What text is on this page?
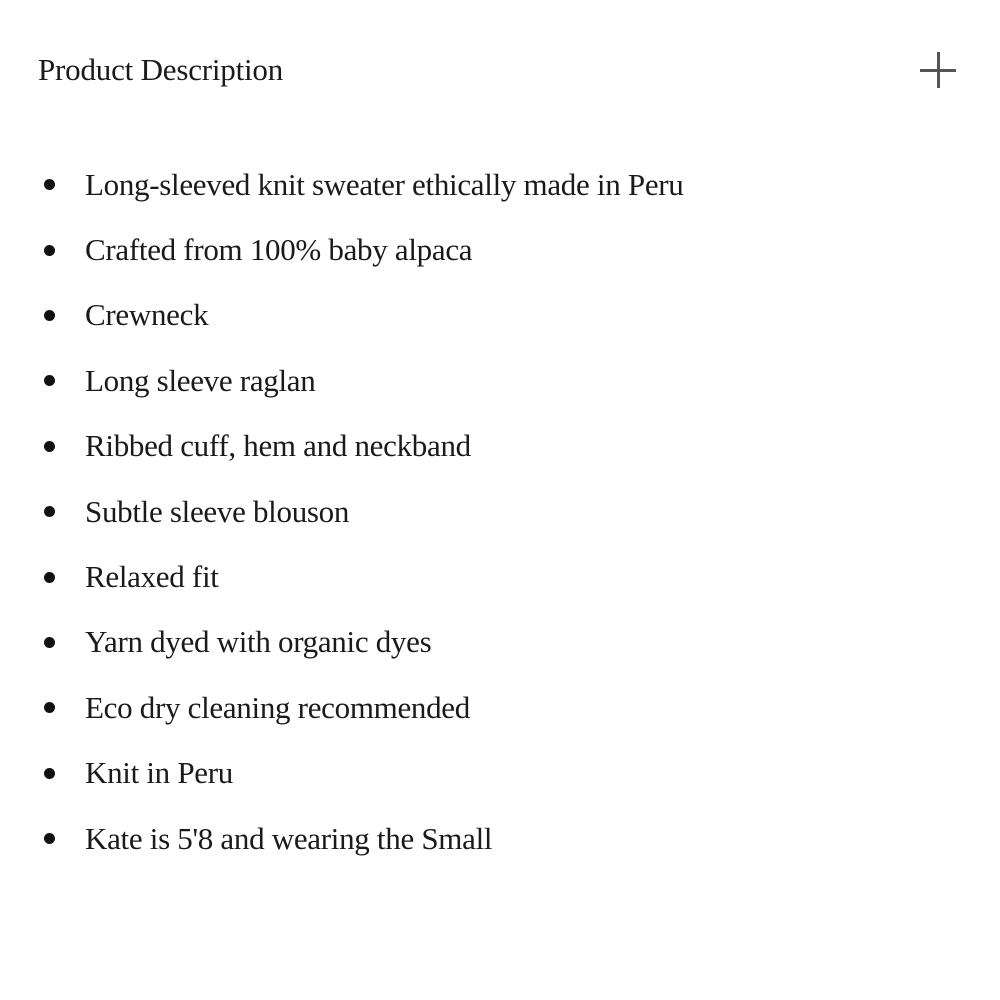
Product Description
Long-sleeved knit sweater ethically made in Peru
Crafted from 100% baby alpaca
Crewneck
Long sleeve raglan
Ribbed cuff, hem and neckband
Subtle sleeve blouson
Relaxed fit
Yarn dyed with organic dyes
Eco dry cleaning recommended
Knit in Peru
Kate is 5'8 and wearing the Small
